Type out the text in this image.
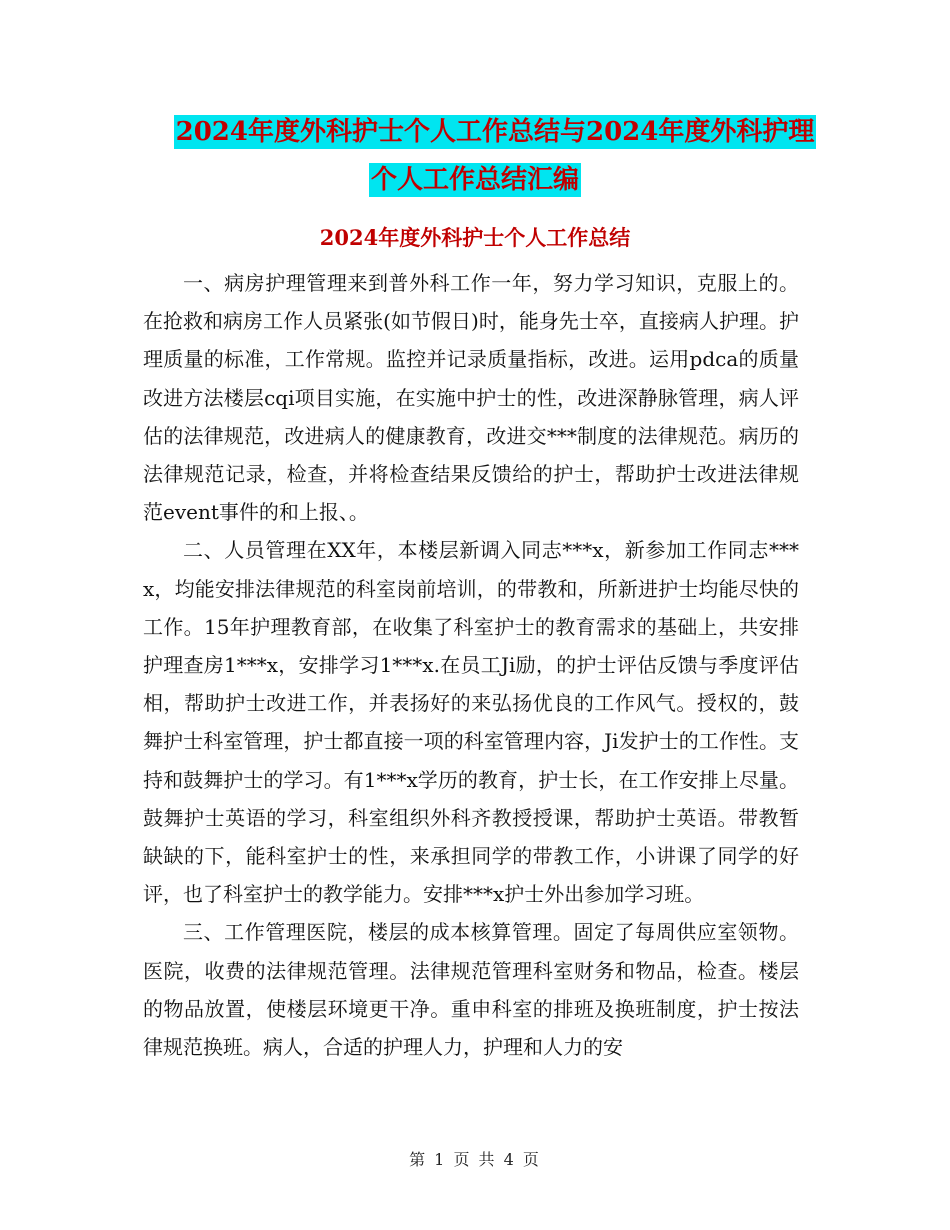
2024年度外科护士个人工作总结与2024年度外科护理
个人工作总结汇编
2024年度外科护士个人工作总结

一、病房护理管理来到普外科工作一年，努力学习知识，克服上的。在抢救和病房工作人员紧张(如节假日)时，能身先士卒，直接病人护理。护理质量的标准，工作常规。监控并记录质量指标，改进。运用pdca的质量改进方法楼层cqi项目实施，在实施中护士的性，改进深静脉管理，病人评估的法律规范，改进病人的健康教育，改进交***制度的法律规范。病历的法律规范记录，检查，并将检查结果反馈给的护士，帮助护士改进法律规范event事件的和上报、。

二、人员管理在XX年，本楼层新调入同志***x，新参加工作同志***x，均能安排法律规范的科室岗前培训，的带教和，所新进护士均能尽快的工作。15年护理教育部，在收集了科室护士的教育需求的基础上，共安排护理查房1***x，安排学习1***x.在员工Ji励，的护士评估反馈与季度评估相，帮助护士改进工作，并表扬好的来弘扬优良的工作风气。授权的，鼓舞护士科室管理，护士都直接一项的科室管理内容，Ji发护士的工作性。支持和鼓舞护士的学习。有1***x学历的教育，护士长，在工作安排上尽量。鼓舞护士英语的学习，科室组织外科齐教授授课，帮助护士英语。带教暂缺缺的下，能科室护士的性，来承担同学的带教工作，小讲课了同学的好评，也了科室护士的教学能力。安排***x护士外出参加学习班。

三、工作管理医院，楼层的成本核算管理。固定了每周供应室领物。医院，收费的法律规范管理。法律规范管理科室财务和物品，检查。楼层的物品放置，使楼层环境更干净。重申科室的排班及换班制度，护士按法律规范换班。病人，合适的护理人力，护理和人力的安

第 1 页 共 4 页
